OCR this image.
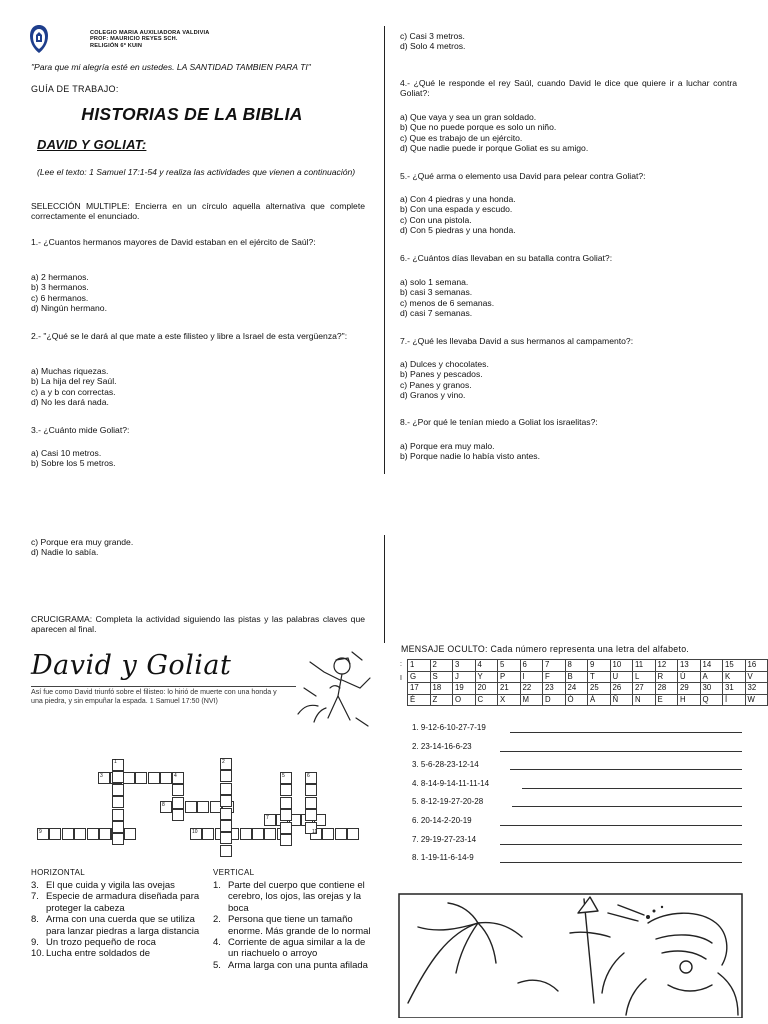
COLEGIO MARIA AUXILIADORA VALDIVIA
PROF: MAURICIO REYES SCH.
RELIGIÓN 6º KUIN
"Para que mi alegría esté en ustedes. LA SANTIDAD TAMBIEN PARA TI"
GUÍA DE TRABAJO:
HISTORIAS DE LA BIBLIA
DAVID Y GOLIAT:
(Lee el texto: 1 Samuel 17:1-54 y realiza las actividades que vienen a continuación)
SELECCIÓN MULTIPLE: Encierra en un círculo aquella alternativa que complete correctamente el enunciado.
1.- ¿Cuantos hermanos mayores de David estaban en el ejército de Saúl?:
a) 2 hermanos.
b) 3 hermanos.
c) 6 hermanos.
d) Ningún hermano.
2.- "¿Qué se le dará al que mate a este filisteo y libre a Israel de esta vergüenza?":
a) Muchas riquezas.
b) La hija del rey Saúl.
c) a y b con correctas.
d) No les dará nada.
3.- ¿Cuánto mide Goliat?:
a) Casi 10 metros.
b) Sobre los 5 metros.
c) Casi 3 metros.
d) Solo 4 metros.
4.- ¿Qué le responde el rey Saúl, cuando David le dice que quiere ir a luchar contra Goliat?:
a) Que vaya y sea un gran soldado.
b) Que no puede porque es solo un niño.
c) Que es trabajo de un ejército.
d) Que nadie puede ir porque Goliat es su amigo.
5.- ¿Qué arma o elemento usa David para pelear contra Goliat?:
a) Con 4 piedras y una honda.
b) Con una espada y escudo.
c) Con una pistola.
d) Con 5 piedras y una honda.
6.- ¿Cuántos días llevaban en su batalla contra Goliat?:
a) solo 1 semana.
b) casi 3 semanas.
c) menos de 6 semanas.
d) casi 7 semanas.
7.- ¿Qué les llevaba David a sus hermanos al campamento?:
a) Dulces y chocolates.
b) Panes y pescados.
c) Panes y granos.
d) Granos y vino.
8.- ¿Por qué le tenían miedo a Goliat los israelitas?:
a) Porque era muy malo.
b) Porque nadie lo había visto antes.
c) Porque era muy grande.
d) Nadie lo sabía.
CRUCIGRAMA: Completa la actividad siguiendo las pistas y las palabras claves que aparecen al final.
David y Goliat
Así fue como David triunfó sobre el filisteo: lo hirió de muerte con una honda y una piedra, y sin empuñar la espada. 1 Samuel 17:50 (NVI)
1	2
3	4	5	6
7
8
9	10	11
HORIZONTAL	VERTICAL
3. El que cuida y vigila las ovejas
7. Especie de armadura diseñada para proteger la cabeza
8. Arma con una cuerda que se utiliza para lanzar piedras a larga distancia
9. Un trozo pequeño de roca
10. Lucha entre soldados de
1. Parte del cuerpo que contiene el cerebro, los ojos, las orejas y la boca
2. Persona que tiene un tamaño enorme. Más grande de lo normal
4. Corriente de agua similar a la de un riachuelo o arroyo
5. Arma larga con una punta afilada
MENSAJE OCULTO: Cada número representa una letra del alfabeto.
:
I
1	2	3	4	5	6	7	8	9	10	11	12	13	14	15	16
G	S	J	Y	P	I	F	B	T	U	L	R	Ú	A	K	V
17	18	19	20	21	22	23	24	25	26	27	28	29	30	31	32
É	Z	O	C	X	M	D	Ó	Á	Ñ	N	E	H	Q	Í	W
1. 9-12-6-10-27-7-19
2. 23-14-16-6-23
3. 5-6-28-23-12-14
4. 8-14-9-14-11-11-14
5. 8-12-19-27-20-28
6. 20-14-2-20-19
7. 29-19-27-23-14
8. 1-19-11-6-14-9
